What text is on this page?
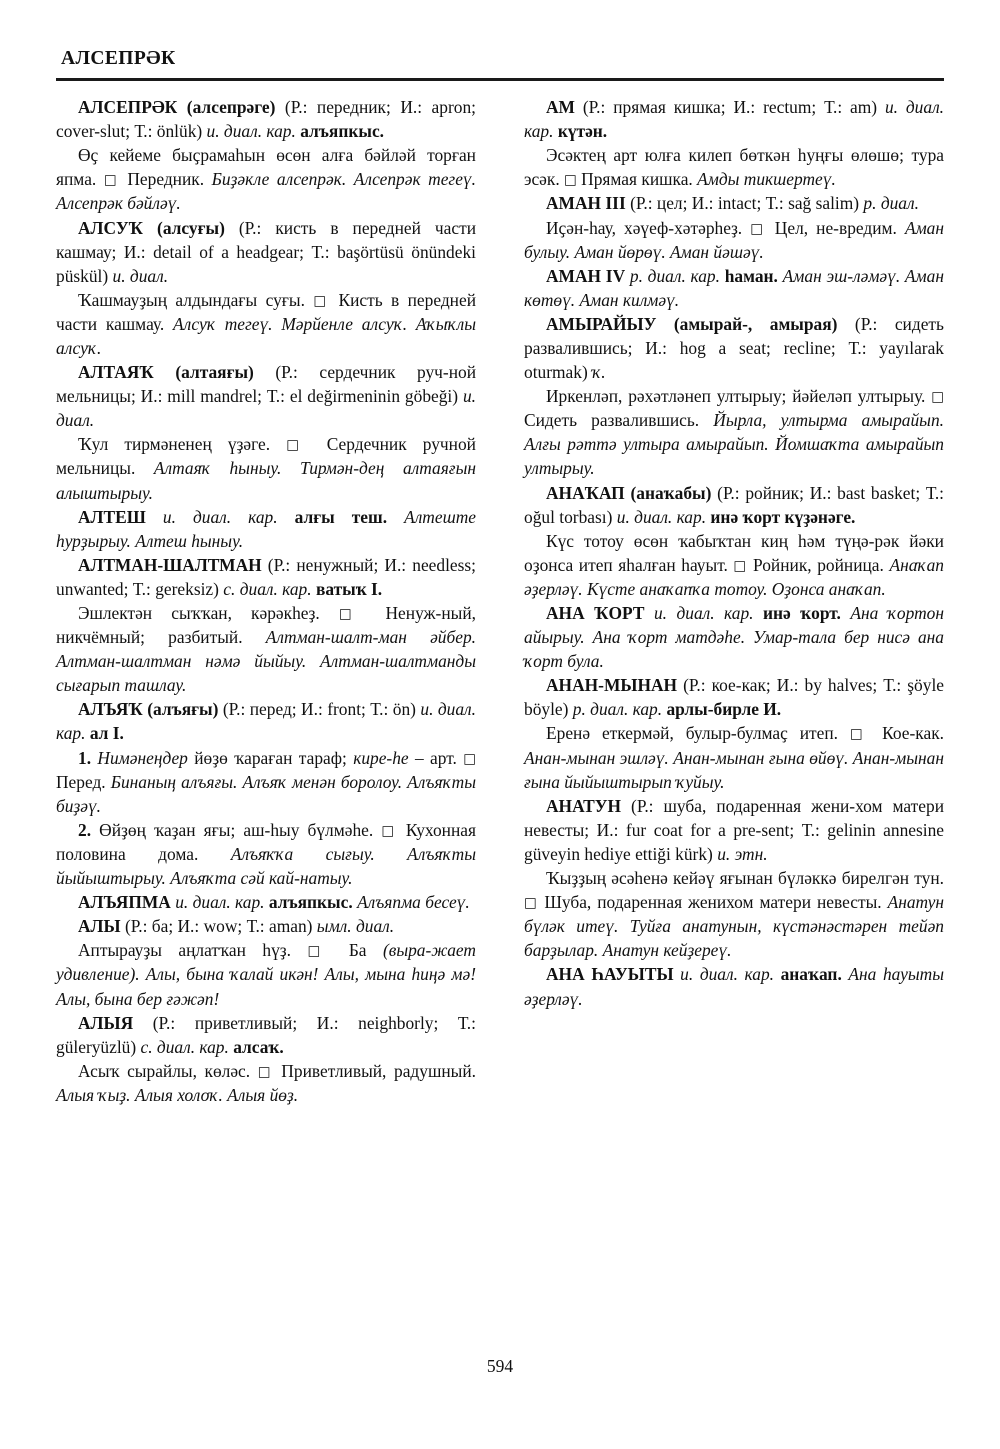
АЛСЕПРӘК
АЛСЕПРӘК (алсепрәге) (Р.: передник; И.: apron; cover-slut; Т.: önlük) и. диал. кар. алъяпкыс.
Өҫ кейеме быҫрамаһын өсөн алға бәйләй торған япма. □ Передник. Биҙәкле алсепрәк. Алсепрәк тегеү. Алсепрәк бәйләү.
АЛСУҠ (алсуғы) (Р.: кисть в передней части кашмау; И.: detail of a headgear; Т.: başörtüsü önündeki püskül) и. диал.
Ҡашмауҙың алдындағы суғы. □ Кисть в передней части кашмау. Алсуҡ тегеү. Мәрйенле алсуҡ. Аҡыҡлы алсуҡ.
АЛТАЯҠ (алтаяғы) (Р.: сердечник руч-ной мельницы; И.: mill mandrel; Т.: el değirmeninin göbeği) и. диал.
Ҡул тирмәненең үҙәге. □ Сердечник ручной мельницы. Алтаяҡ һыныу. Тирмән-дең алтаяғын алыштырыу.
АЛТЕШ и. диал. кар. алғы теш. Алтеште һурҙырыу. Алтеш һыныу.
АЛТМАН-ШАЛТМАН (Р.: ненужный; И.: needless; unwanted; Т.: gereksiz) с. диал. кар. ватыҡ I.
Эшлектән сыҡҡан, кәрәкһеҙ. □ Ненуж-ный, никчёмный; разбитый. Алтман-шалт-ман әйбер. Алтман-шалтман нәмә йыйыу. Алтман-шалтманды сығарып ташлау.
АЛЪЯҠ (алъяғы) (Р.: перед; И.: front; Т.: ön) и. диал. кар. ал I.
1. Нимәнеңдер йөҙө ҡараған тараф; кире-һе – арт. □ Перед. Бинаның алъяғы. Алъяҡ менән боролоу. Алъяҡты биҙәү.
2. Өйҙөң ҡаҙан яғы; аш-һыу бүлмәһе. □ Кухонная половина дома. Алъяҡҡа сығыу. Алъяҡты йыйыштырыу. Алъяҡта сәй кай-натыу.
АЛЪЯПМА и. диал. кар. алъяпкыс. Алъяпма бесеү.
АЛЫ (Р.: ба; И.: wow; Т.: aman) ымл. диал.
Аптырауҙы аңлатҡан һүҙ. □ Ба (выра-жает удивление). Алы, бына ҡалай икән! Алы, мына һиңә мә! Алы, бына бер ғәжәп!
АЛЫЯ (Р.: приветливый; И.: neighborly; Т.: güleryüzlü) с. диал. кар. алсаҡ.
Асыҡ сырайлы, көләс. □ Приветливый, радушный. Алыя ҡыҙ. Алыя холоҡ. Алыя йөҙ.
АМ (Р.: прямая кишка; И.: rectum; Т.: am) и. диал. кар. күтән.
Эсәктең арт юлға килеп бөткән һуңғы өлөшө; тура эсәк. □ Прямая кишка. Амды тикшертеү.
АМАН III (Р.: цел; И.: intact; Т.: sağ salim) р. диал.
Иҫән-һау, хәүеф-хәтәрһеҙ. □ Цел, не-вредим. Аман булыу. Аман йөрөү. Аман йәшәү.
АМАН IV р. диал. кар. һаман. Аман эш-ләмәү. Аман көтөү. Аман килмәү.
АМЫРАЙЫУ (амырай-, амырая) (Р.: сидеть развалившись; И.: hog a seat; recline; Т.: yayılarak oturmak) ҡ.
Иркенләп, рәхәтләнеп ултырыу; йәйеләп ултырыу. □ Сидеть развалившись. Йырла, ултырма амырайып. Алғы рәттә ултыра амырайып. Йомшаҡта амырайып ултырыу.
АНАҠАП (анаҡабы) (Р.: ройник; И.: bast basket; Т.: oğul torbası) и. диал. кар. инә ҡорт күҙәнәге.
Күс тотоу өсөн ҡабыҡтан киң һәм түңә-рәк йәки оҙонса итеп яһалған һауыт. □ Ройник, ройница. Анаҡап әҙерләү. Күсте анаҡапҡа тотоу. Оҙонса анаҡап.
АНА ҠОРТ и. диал. кар. инә ҡорт. Ана ҡортон айырыу. Ана ҡорт матдәһе. Умар-тала бер нисә ана ҡорт була.
АНАН-МЫНАН (Р.: кое-как; И.: by halves; Т.: şöyle böyle) р. диал. кар. арлы-бирле И.
Еренә еткермәй, булыр-булмаҫ итеп. □ Кое-как. Анан-мынан эшләү. Анан-мынан ғына өйөү. Анан-мынан ғына йыйыштырып ҡуйыу.
АНАТУН (Р.: шуба, подаренная жени-хом матери невесты; И.: fur coat for a pre-sent; Т.: gelinin annesine güveyin hediye ettiği kürk) и. этн.
Ҡыҙҙың әсәһенә кейәү яғынан бүләккә бирелгән тун. □ Шуба, подаренная женихом матери невесты. Анатун бүләк итеү. Туйға анатунын, күстәнәстәрен тейәп барҙылар. Анатун кейҙереү.
АНА ҺАУЫТЫ и. диал. кар. анаҡап. Ана һауыты әҙерләү.
594
